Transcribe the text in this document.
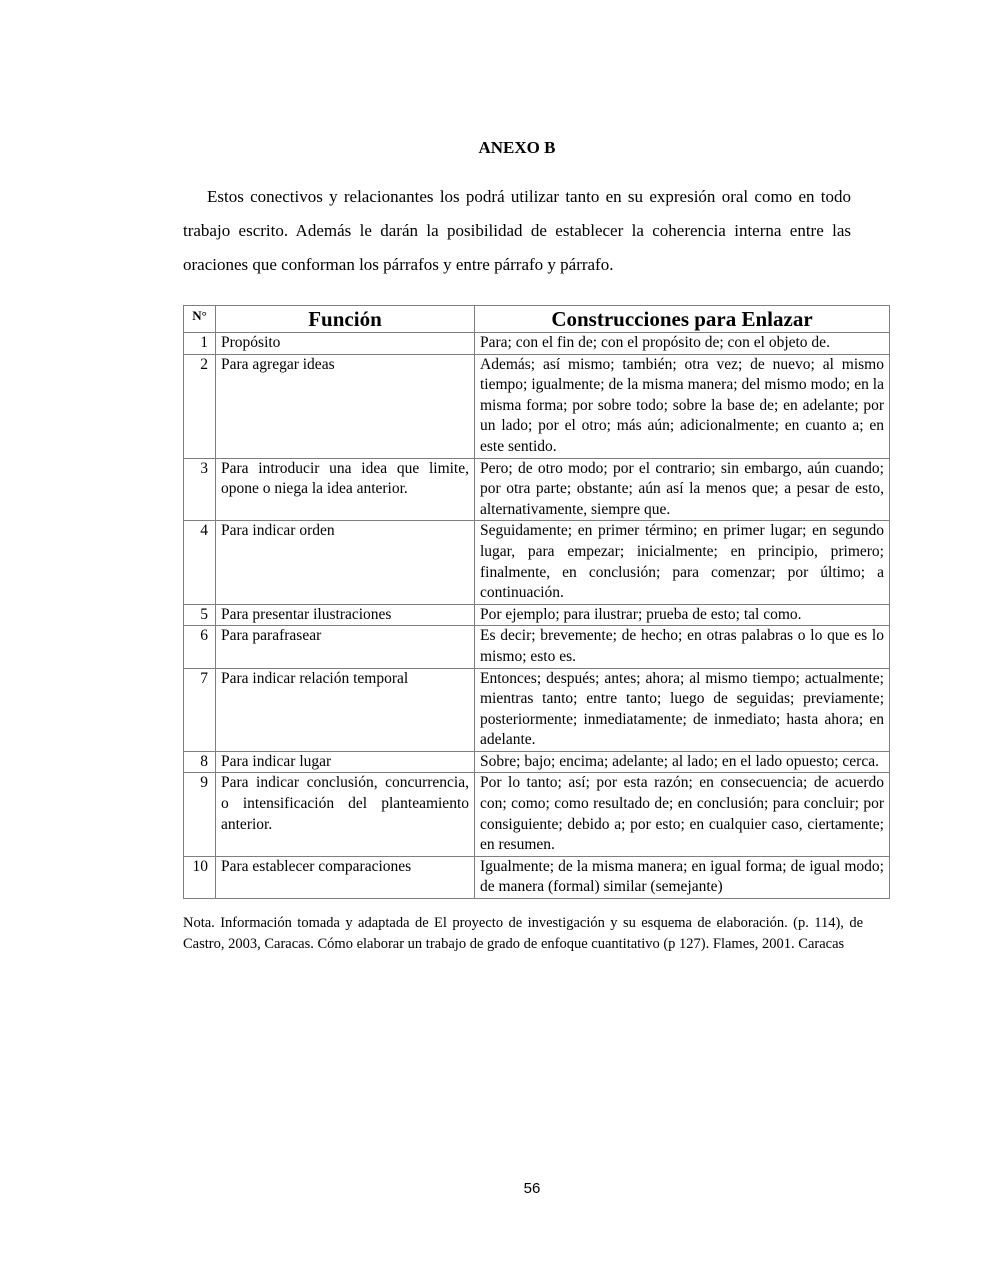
ANEXO B

Estos conectivos y relacionantes los podrá utilizar tanto en su expresión oral como en todo trabajo escrito. Además le darán la posibilidad de establecer la coherencia interna entre las oraciones que conforman los párrafos y entre párrafo y párrafo.

N°	Función	Construcciones para Enlazar
1	Propósito	Para; con el fin de; con el propósito de; con el objeto de.
2	Para agregar ideas	Además; así mismo; también; otra vez; de nuevo; al mismo tiempo; igualmente; de la misma manera; del mismo modo; en la misma forma; por sobre todo; sobre la base de; en adelante; por un lado; por el otro; más aún; adicionalmente; en cuanto a; en este sentido.
3	Para introducir una idea que limite, opone o niega la idea anterior.	Pero; de otro modo; por el contrario; sin embargo, aún cuando; por otra parte; obstante; aún así la menos que; a pesar de esto, alternativamente, siempre que.
4	Para indicar orden	Seguidamente; en primer término; en primer lugar; en segundo lugar, para empezar; inicialmente; en principio, primero; finalmente, en conclusión; para comenzar; por último; a continuación.
5	Para presentar ilustraciones	Por ejemplo; para ilustrar; prueba de esto; tal como.
6	Para parafrasear	Es decir; brevemente; de hecho; en otras palabras o lo que es lo mismo; esto es.
7	Para indicar relación temporal	Entonces; después; antes; ahora; al mismo tiempo; actualmente; mientras tanto; entre tanto; luego de seguidas; previamente; posteriormente; inmediatamente; de inmediato; hasta ahora; en adelante.
8	Para indicar lugar	Sobre; bajo; encima; adelante; al lado; en el lado opuesto; cerca.
9	Para indicar conclusión, concurrencia, o intensificación del planteamiento anterior.	Por lo tanto; así; por esta razón; en consecuencia; de acuerdo con; como; como resultado de; en conclusión; para concluir; por consiguiente; debido a; por esto; en cualquier caso, ciertamente; en resumen.
10	Para establecer comparaciones	Igualmente; de la misma manera; en igual forma; de igual modo; de manera (formal) similar (semejante)

Nota. Información tomada y adaptada de El proyecto de investigación y su esquema de elaboración. (p. 114), de Castro, 2003, Caracas. Cómo elaborar un trabajo de grado de enfoque cuantitativo (p 127). Flames, 2001. Caracas

56
